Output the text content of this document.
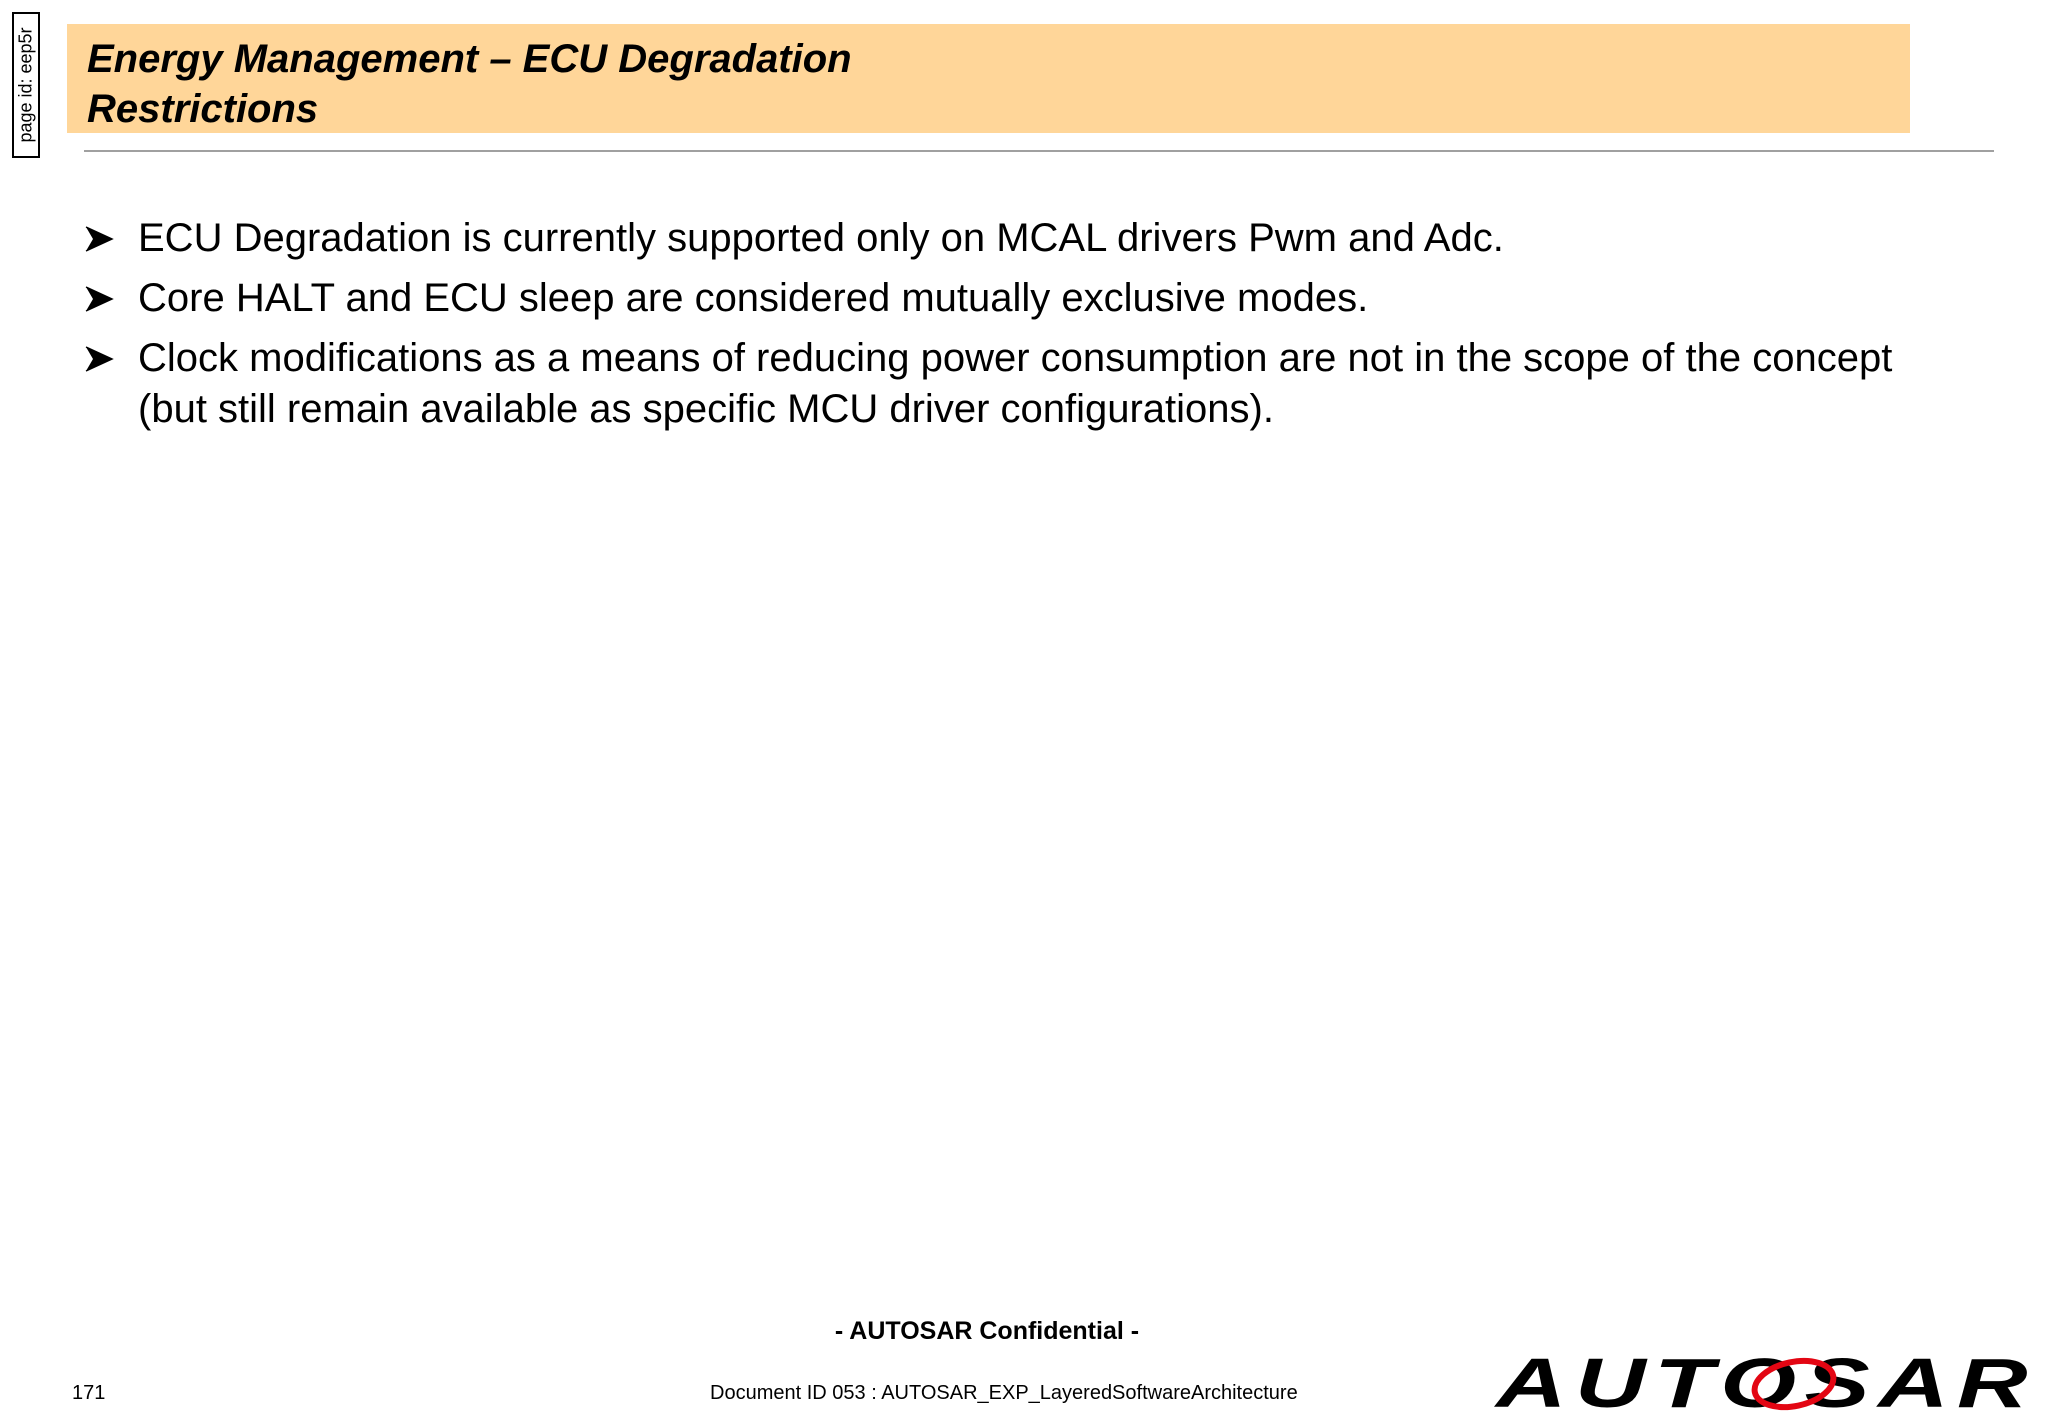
page id: eep5r Energy Management – ECU Degradation
Restrictions
ECU Degradation is currently supported only on MCAL drivers Pwm and Adc.
Core HALT and ECU sleep are considered mutually exclusive modes.
Clock modifications as a means of reducing power consumption are not in the scope of the concept (but still remain available as specific MCU driver configurations).
- AUTOSAR Confidential -
171	Document ID 053 : AUTOSAR_EXP_LayeredSoftwareArchitecture	AUTOSAR
